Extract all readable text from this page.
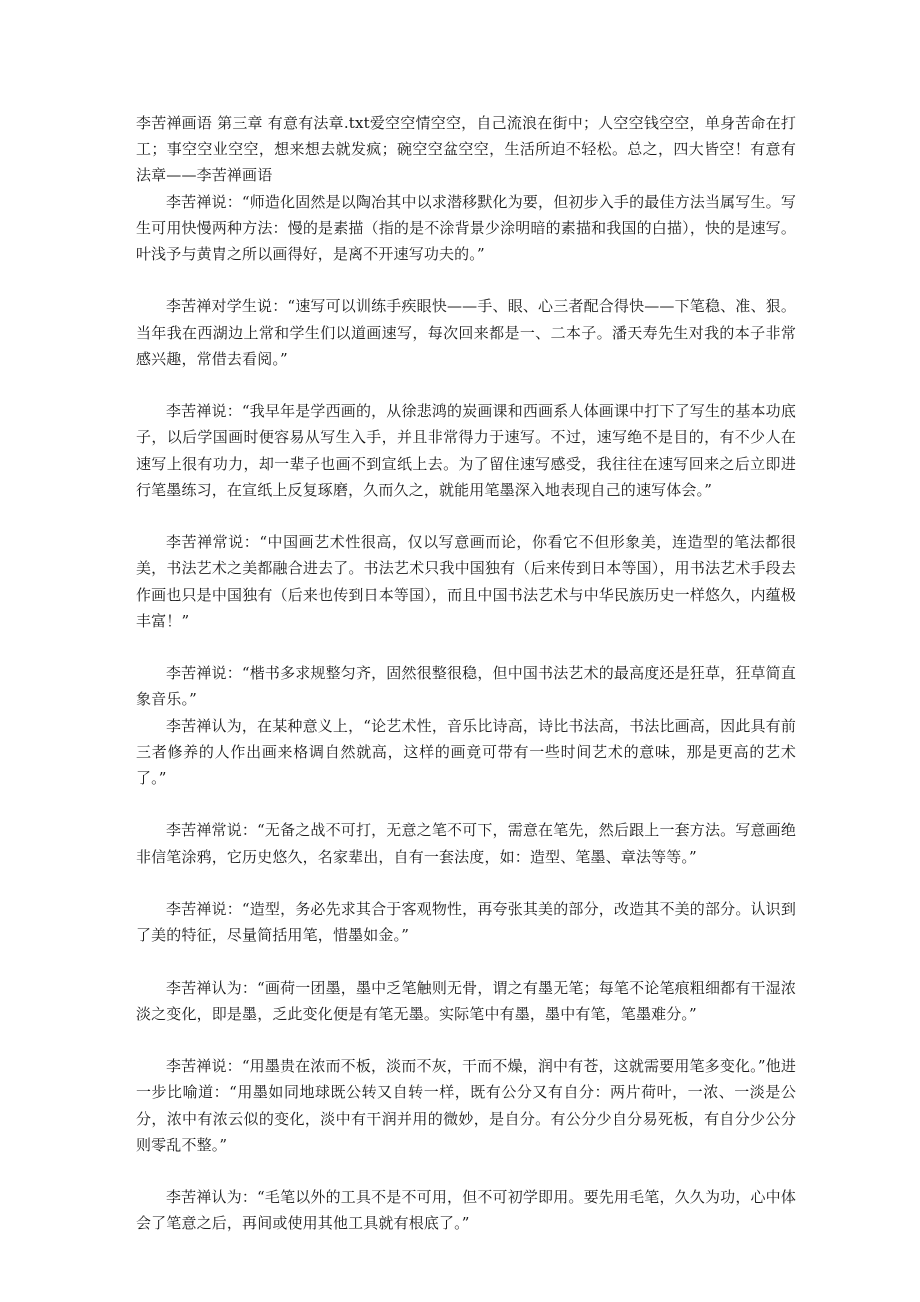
李苦禅画语 第三章 有意有法章.txt爱空空情空空，自己流浪在街中；人空空钱空空，单身苦命在打工；事空空业空空，想来想去就发疯；碗空空盆空空，生活所迫不轻松。总之，四大皆空！有意有法章——李苦禅画语

李苦禅说：“师造化固然是以陶冶其中以求潜移默化为要，但初步入手的最佳方法当属写生。写生可用快慢两种方法：慢的是素描（指的是不涂背景少涂明暗的素描和我国的白描），快的是速写。叶浅予与黄胄之所以画得好，是离不开速写功夫的。”

李苦禅对学生说：“速写可以训练手疾眼快——手、眼、心三者配合得快——下笔稳、准、狠。当年我在西湖边上常和学生们以道画速写，每次回来都是一、二本子。潘天寿先生对我的本子非常感兴趣，常借去看阅。”

李苦禅说：“我早年是学西画的，从徐悲鸿的炭画课和西画系人体画课中打下了写生的基本功底子，以后学国画时便容易从写生入手，并且非常得力于速写。不过，速写绝不是目的，有不少人在速写上很有功力，却一辈子也画不到宣纸上去。为了留住速写感受，我往往在速写回来之后立即进行笔墨练习，在宣纸上反复琢磨，久而久之，就能用笔墨深入地表现自己的速写体会。”

李苦禅常说：“中国画艺术性很高，仅以写意画而论，你看它不但形象美，连造型的笔法都很美，书法艺术之美都融合进去了。书法艺术只我中国独有（后来传到日本等国），用书法艺术手段去作画也只是中国独有（后来也传到日本等国），而且中国书法艺术与中华民族历史一样悠久，内蕴极丰富！”

李苦禅说：“楷书多求规整匀齐，固然很整很稳，但中国书法艺术的最高度还是狂草，狂草简直象音乐。”

李苦禅认为，在某种意义上，“论艺术性，音乐比诗高，诗比书法高，书法比画高，因此具有前三者修养的人作出画来格调自然就高，这样的画竟可带有一些时间艺术的意味，那是更高的艺术了。”

李苦禅常说：“无备之战不可打，无意之笔不可下，需意在笔先，然后跟上一套方法。写意画绝非信笔涂鸦，它历史悠久，名家辈出，自有一套法度，如：造型、笔墨、章法等等。”

李苦禅说：“造型，务必先求其合于客观物性，再夸张其美的部分，改造其不美的部分。认识到了美的特征，尽量简括用笔，惜墨如金。”

李苦禅认为：“画荷一团墨，墨中乏笔触则无骨，谓之有墨无笔；每笔不论笔痕粗细都有干湿浓淡之变化，即是墨，乏此变化便是有笔无墨。实际笔中有墨，墨中有笔，笔墨难分。”

李苦禅说：“用墨贵在浓而不板，淡而不灰，干而不燥，润中有苍，这就需要用笔多变化。”他进一步比喻道：“用墨如同地球既公转又自转一样，既有公分又有自分：两片荷叶，一浓、一淡是公分，浓中有浓云似的变化，淡中有干润并用的微妙，是自分。有公分少自分易死板，有自分少公分则零乱不整。”

李苦禅认为：“毛笔以外的工具不是不可用，但不可初学即用。要先用毛笔，久久为功，心中体会了笔意之后，再间或使用其他工具就有根底了。”
